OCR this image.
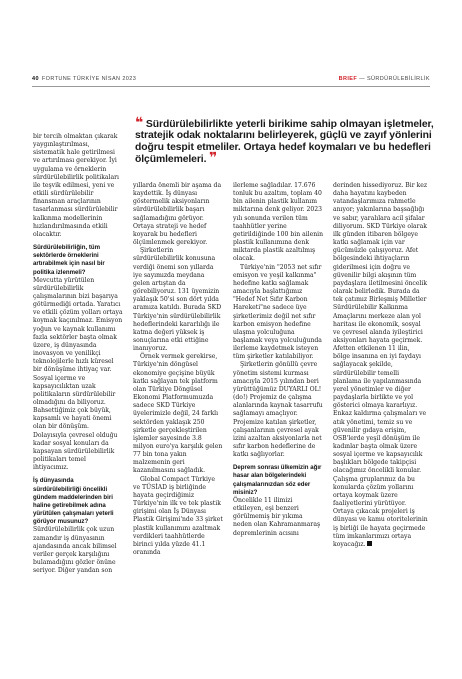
40 FORTUNE TÜRKİYE NİSAN 2023	BRIEF — SÜRDÜRÜLEBİLİRLİK
❝ Sürdürülebilirlikte yeterli birikime sahip olmayan işletmeler, stratejik odak noktalarını belirleyerek, güçlü ve zayıf yönlerini doğru tespit etmeliler. Ortaya hedef koymaları ve bu hedefleri ölçümlemeleri. ❞

bir tercih olmaktan çıkarak yaygınlaştırılması, sistematik hale getirilmesi ve artırılması gerekiyor. İyi uygulama ve örneklerin sürdürülebilirlik politikaları ile teşvik edilmesi, yeni ve etkili sürdürülebilir finansman araçlarının tasarlanması sürdürülebilir kalkınma modellerinin hızlandırılmasında etkili olacaktır.

Sürdürülebilirliğin, tüm sektörlerde örneklerini artırabilmek için nasıl bir politika izlenmeli?

Mevcutta yürütülen sürdürülebilirlik çalışmalarının bizi başarıya götürmediği ortada. Yaratıcı ve etkili çözüm yolları ortaya koymak kaçınılmaz. Emisyon yoğun ve kaynak kullanımı fazla sektörler başta olmak üzere, iş dünyasında inovasyon ve yenilikçi teknolojilerle hızlı küresel bir dönüşüme ihtiyaç var. Sosyal içerme ve kapsayıcılıktan uzak politikaların sürdürülebilir olmadığını da biliyoruz. Bahsettiğimiz çok büyük, kapsamlı ve hayati önemi olan bir dönüşüm. Dolayısıyla çevresel olduğu kadar sosyal konuları da kapsayan sürdürülebilirlik politikaları temel ihtiyacımız.

İş dünyasında sürdürülebilirliği öncelikli gündem maddelerinden biri haline getirebilmek adına yürütülen çalışmaları yeterli görüyor musunuz?

Sürdürülebilirlik çok uzun zamandır iş dünyasının ajandasında ancak bilimsel veriler gerçek karşılığını bulamadığını gözler önüne seriyor. Diğer yandan son

yıllarda önemli bir aşama da kaydettik. İş dünyası göstermelik aksiyonların sürdürülebilirlik başarı sağlamadığını görüyor. Ortaya strateji ve hedef koyarak bu hedefleri ölçümlenmek gerekiyor.

Şirketlerin sürdürülebilirlik konusuna verdiği önemi son yıllarda iye sayımızda meydana gelen artıştan da görebiliyoruz. 131 üyemizin yaklaşık 50'si son dört yılda aramıza katıldı. Burada SKD Türkiye'nin sürdürülebilirlik hedeflerindeki kararlılığı ile katma değeri yüksek iş sonuçlarına etki ettiğine inanıyoruz.

Örnek vermek gerekirse, Türkiye'nin döngüsel ekonomiye geçişine büyük katkı sağlayan tek platform olan Türkiye Döngüsel Ekonomi Platformumuzda sadece SKD Türkiye üyelerimizle değil, 24 farklı sektörden yaklaşık 250 şirketle gerçekleştirilen işlemler sayesinde 3.8 milyon euro'ya karşılık gelen 77 bin tona yakın malzemenin geri kazanılmasını sağladık.

Global Compact Türkiye ve TÜSİAD iş birliğinde hayata geçirdiğimiz Türkiye'nin ilk ve tek plastik girişimi olan İş Dünyası Plastik Girişimi'nde 33 şirket plastik kullanımını azaltmak verdikleri taahhütlerde birinci yılda yüzde 41.1 oranında

ilerleme sağladılar. 17.676 tonluk bu azaltım, toplam 40 bin ailenin plastik kullanım miktarına denk geliyor. 2023 yılı sonunda verilen tüm taahhütler yerine getirildiğinde 100 bin ailenin plastik kullanımına denk miktarda plastik azaltılmış olacak.

Türkiye'nin "2053 net sıfır emisyon ve yeşil kalkınma" hedefine katkı sağlamak amacıyla başlattığımız "Hedef Net Sıfır Karbon Hareketi"ne sadece üye şirketlerimiz değil net sıfır karbon emisyon hedefine ulaşma yolculuğuna başlamak veya yolculuğunda ilerleme kaydetmek isteyen tüm şirketler katılabiliyor.

Şirketlerin gönüllü çevre yönetim sistemi kurması amacıyla 2015 yılından beri yürüttüğümüz DUYARLI OL! (do!) Projemiz de çalışma alanlarında kaynak tasarrufu sağlamayı amaçlıyor. Projemize katılan şirketler, çalışanlarının çevresel ayak izini azaltan aksiyonlarla net sıfır karbon hedeflerine de katkı sağlıyorlar.

Deprem sonrası ülkemizin ağır hasar alan bölgelerindeki çalışmalarınızdan söz eder misiniz?

Öncelikle 11 ilimizi etkileyen, eşi benzeri görülmemiş bir yıkıma neden olan Kahramanmaraş depremlerinin acısını

derinden hissediyoruz. Bir kez daha hayatını kaybeden vatandaşlarımıza rahmetle anıyor; yakınlarına başsağlığı ve sabır, yaralılara acil şifalar diliyorum. SKD Türkiye olarak ilk günden itibaren bölgeye katkı sağlamak için var gücümüzle çalışıyoruz. Afet bölgesindeki ihtiyaçların giderilmesi için doğru ve güvenilir bilgi akışının tüm paydaşlara iletilmesini öncelik olarak belirledik. Burada da tek çatımız Birleşmiş Milletler Sürdürülebilir Kalkınma Amaçlarını merkeze alan yol haritası ile ekonomik, sosyal ve çevresel alanda iyileştirici aksiyonları hayata geçirmek. Afetten etkilenen 11 ilin, bölge insanına en iyi faydayı sağlayacak şekilde, sürdürülebilir temelli planlama ile yapılanmasında yerel yönetimler ve diğer paydaşlarla birlikte ve yol gösterici olmaya kararlıyız. Enkaz kaldırma çalışmaları ve atık yönetimi, temiz su ve güvenilir gıdaya erişim, OSB'lerde yeşil dönüşüm ile kadınlar başta olmak üzere sosyal içerme ve kapsayıcılık başlıkları bölgede takipçisi olacağımız öncelikli konular. Çalışma gruplarımız da bu konularda çözüm yollarını ortaya koymak üzere faaliyetlerini yürütüyor. Ortaya çıkacak projeleri iş dünyası ve kamu otoritelerinin iş birliği ile hayata geçirmede tüm imkanlarımızı ortaya koyacağız.
